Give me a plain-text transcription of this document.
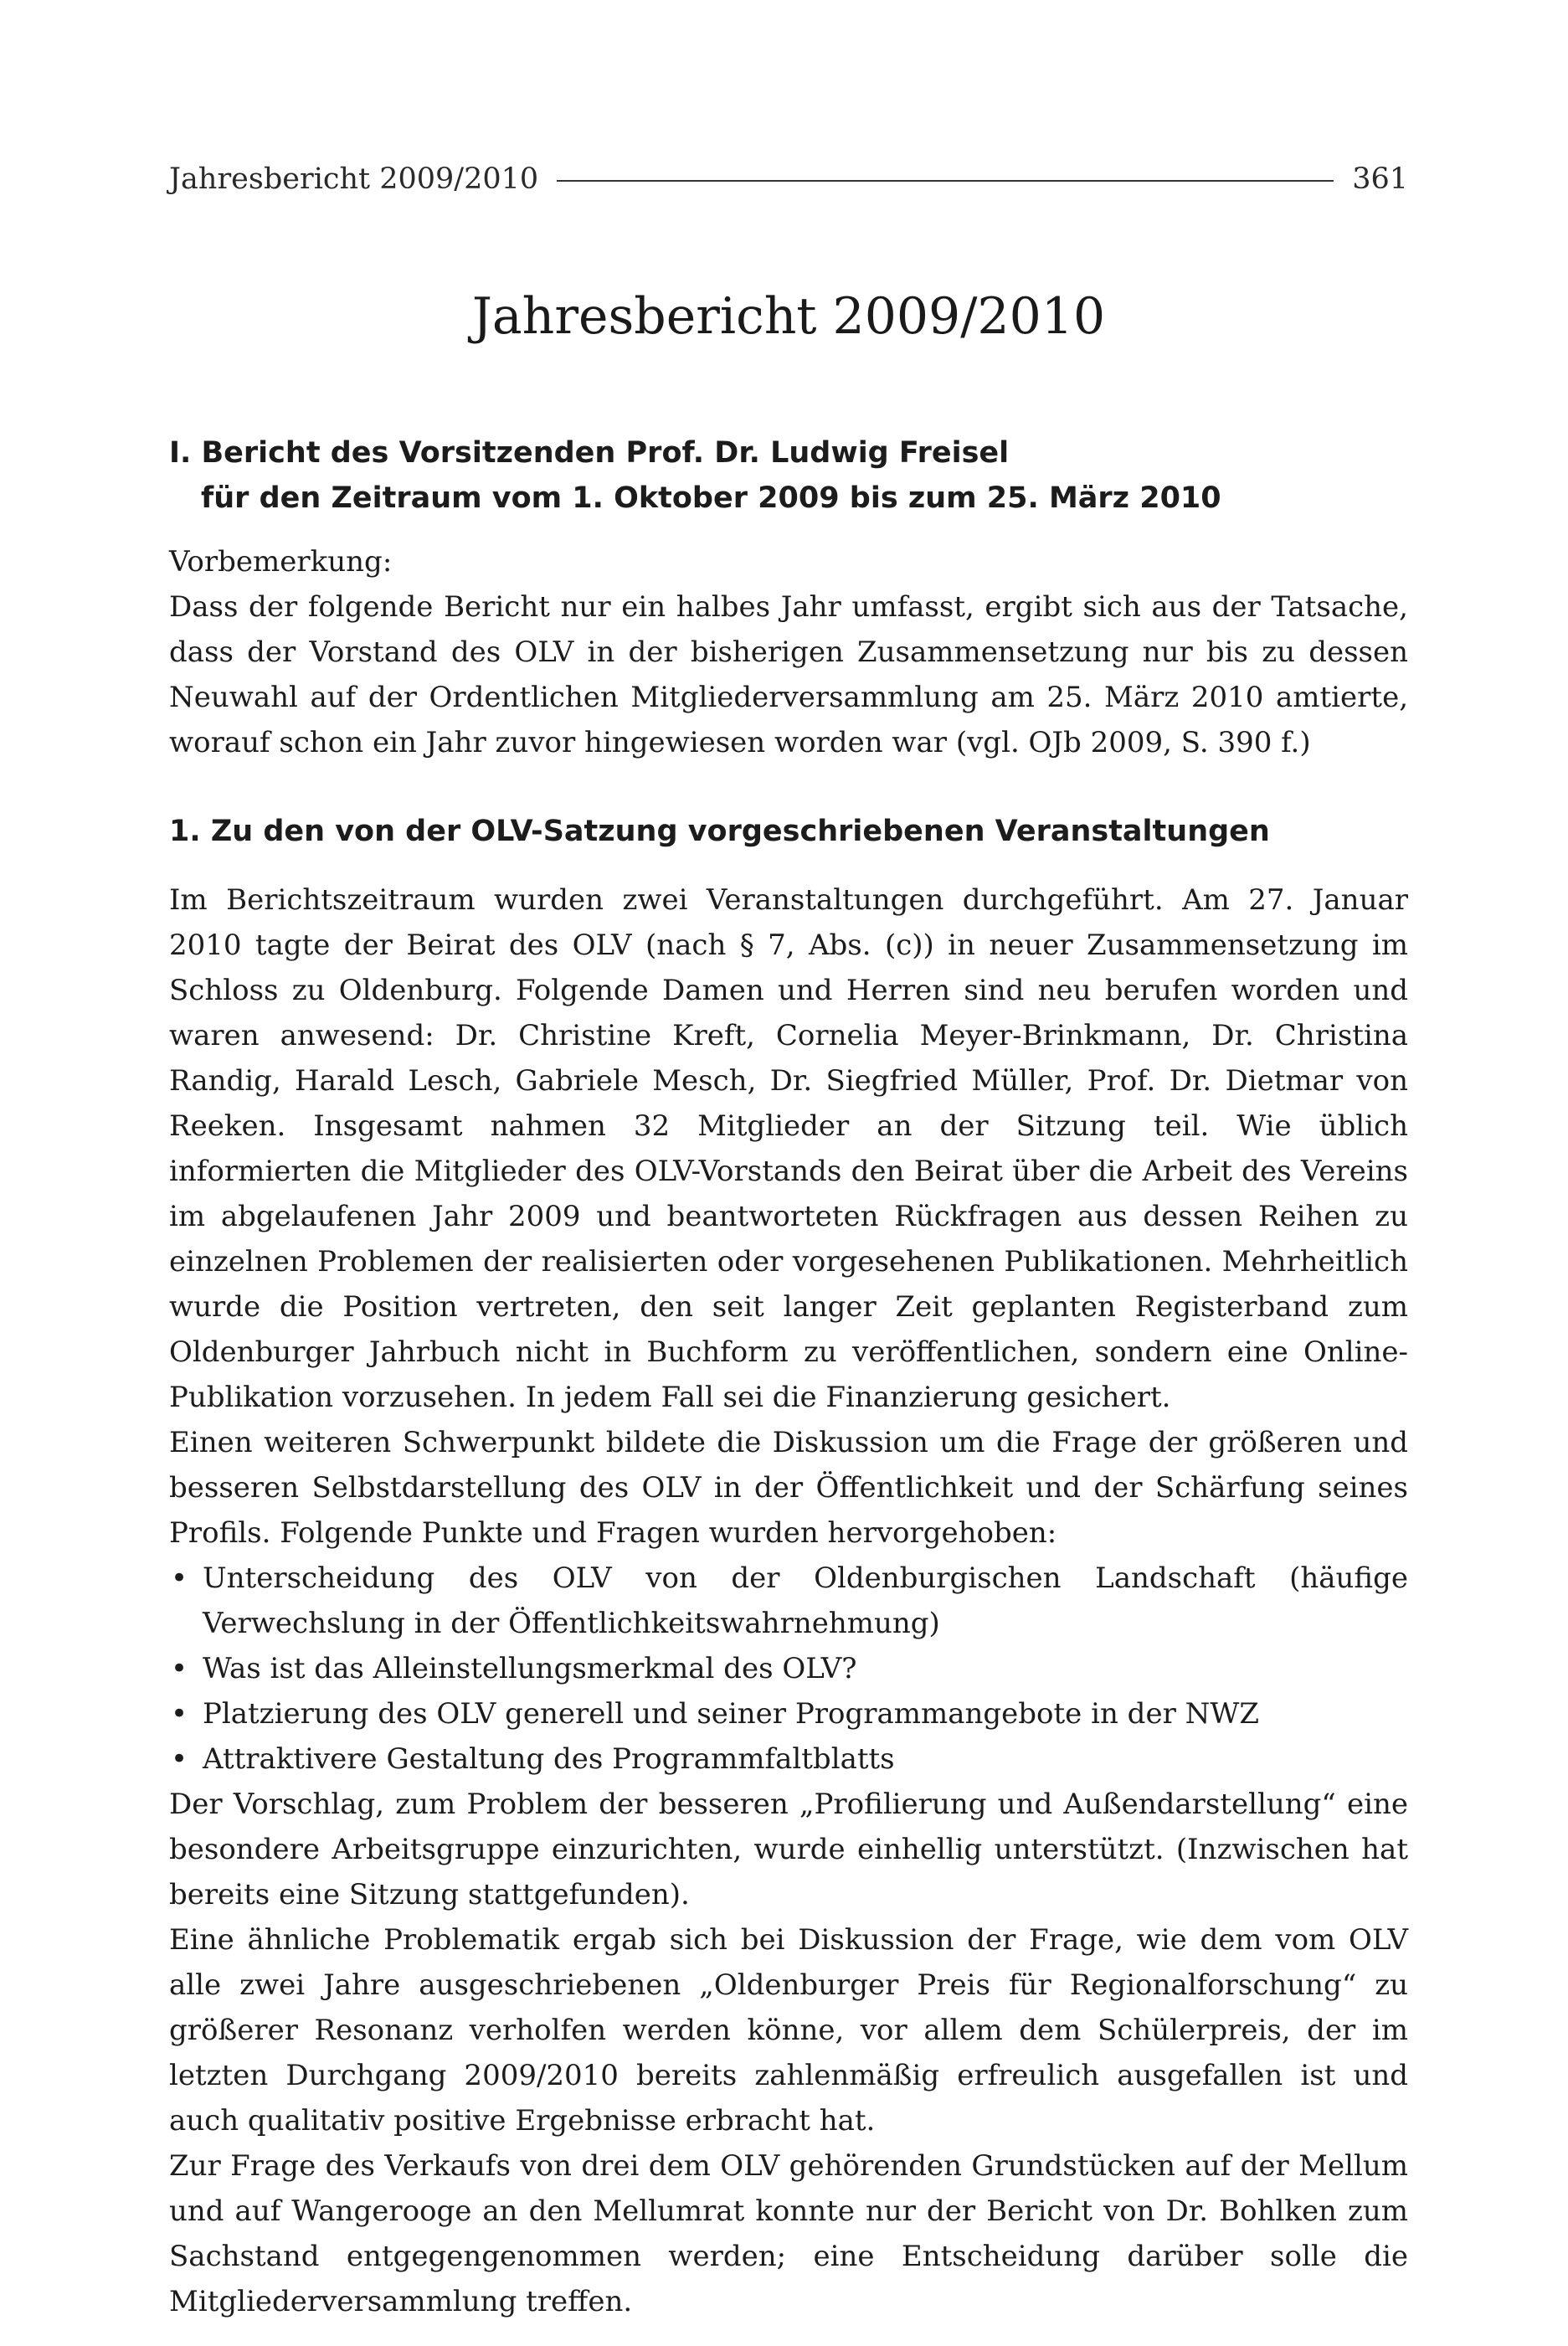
Jahresbericht 2009/2010	361
Jahresbericht 2009/2010
I. Bericht des Vorsitzenden Prof. Dr. Ludwig Freisel
für den Zeitraum vom 1. Oktober 2009 bis zum 25. März 2010
Vorbemerkung:
Dass der folgende Bericht nur ein halbes Jahr umfasst, ergibt sich aus der Tatsache, dass der Vorstand des OLV in der bisherigen Zusammensetzung nur bis zu dessen Neuwahl auf der Ordentlichen Mitgliederversammlung am 25. März 2010 amtierte, worauf schon ein Jahr zuvor hingewiesen worden war (vgl. OJb 2009, S. 390 f.)
1. Zu den von der OLV-Satzung vorgeschriebenen Veranstaltungen
Im Berichtszeitraum wurden zwei Veranstaltungen durchgeführt. Am 27. Januar 2010 tagte der Beirat des OLV (nach § 7, Abs. (c)) in neuer Zusammensetzung im Schloss zu Oldenburg. Folgende Damen und Herren sind neu berufen worden und waren anwesend: Dr. Christine Kreft, Cornelia Meyer-Brinkmann, Dr. Christina Randig, Harald Lesch, Gabriele Mesch, Dr. Siegfried Müller, Prof. Dr. Dietmar von Reeken. Insgesamt nahmen 32 Mitglieder an der Sitzung teil. Wie üblich informierten die Mitglieder des OLV-Vorstands den Beirat über die Arbeit des Vereins im abgelaufenen Jahr 2009 und beantworteten Rückfragen aus dessen Reihen zu einzelnen Problemen der realisierten oder vorgesehenen Publikationen. Mehrheitlich wurde die Position vertreten, den seit langer Zeit geplanten Registerband zum Oldenburger Jahrbuch nicht in Buchform zu veröffentlichen, sondern eine Online-Publikation vorzusehen. In jedem Fall sei die Finanzierung gesichert.
Einen weiteren Schwerpunkt bildete die Diskussion um die Frage der größeren und besseren Selbstdarstellung des OLV in der Öffentlichkeit und der Schärfung seines Profils. Folgende Punkte und Fragen wurden hervorgehoben:
• Unterscheidung des OLV von der Oldenburgischen Landschaft (häufige Verwechslung in der Öffentlichkeitswahrnehmung)
• Was ist das Alleinstellungsmerkmal des OLV?
• Platzierung des OLV generell und seiner Programmangebote in der NWZ
• Attraktivere Gestaltung des Programmfaltblatts
Der Vorschlag, zum Problem der besseren „Profilierung und Außendarstellung“ eine besondere Arbeitsgruppe einzurichten, wurde einhellig unterstützt. (Inzwischen hat bereits eine Sitzung stattgefunden).
Eine ähnliche Problematik ergab sich bei Diskussion der Frage, wie dem vom OLV alle zwei Jahre ausgeschriebenen „Oldenburger Preis für Regionalforschung“ zu größerer Resonanz verholfen werden könne, vor allem dem Schülerpreis, der im letzten Durchgang 2009/2010 bereits zahlenmäßig erfreulich ausgefallen ist und auch qualitativ positive Ergebnisse erbracht hat.
Zur Frage des Verkaufs von drei dem OLV gehörenden Grundstücken auf der Mellum und auf Wangerooge an den Mellumrat konnte nur der Bericht von Dr. Bohlken zum Sachstand entgegengenommen werden; eine Entscheidung darüber solle die Mitgliederversammlung treffen.
